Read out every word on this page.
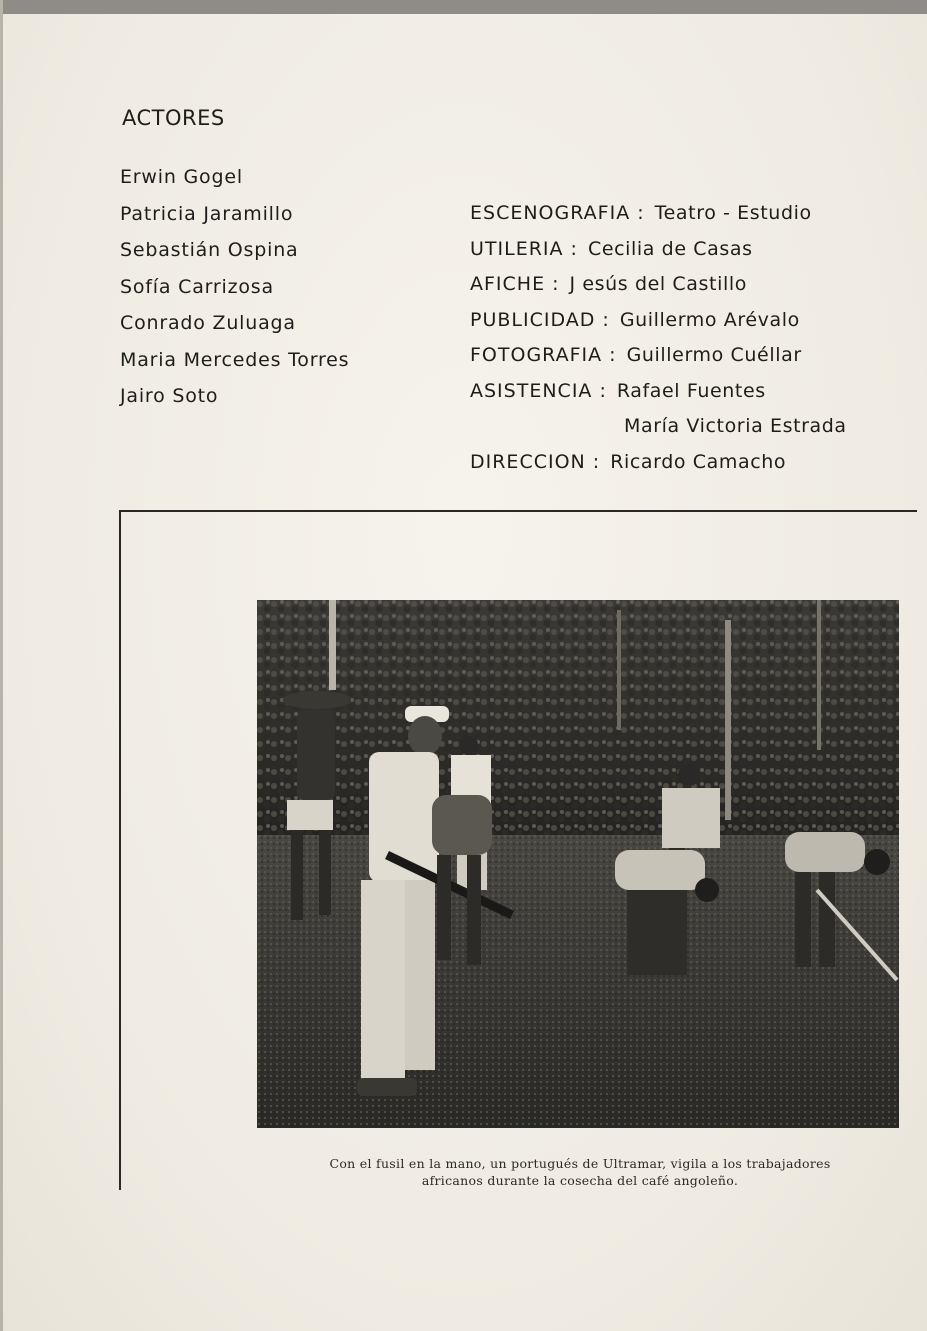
ACTORES
Erwin Gogel
Patricia Jaramillo
Sebastián Ospina
Sofía Carrizosa
Conrado Zuluaga
Maria Mercedes Torres
Jairo Soto
ESCENOGRAFIA : Teatro - Estudio
UTILERIA : Cecilia de Casas
AFICHE : J esús del Castillo
PUBLICIDAD : Guillermo Arévalo
FOTOGRAFIA : Guillermo Cuéllar
ASISTENCIA : Rafael Fuentes
María Victoria Estrada
DIRECCION : Ricardo Camacho
Con el fusil en la mano, un portugués de Ultramar, vigila a los trabajadores
africanos durante la cosecha del café angoleño.
